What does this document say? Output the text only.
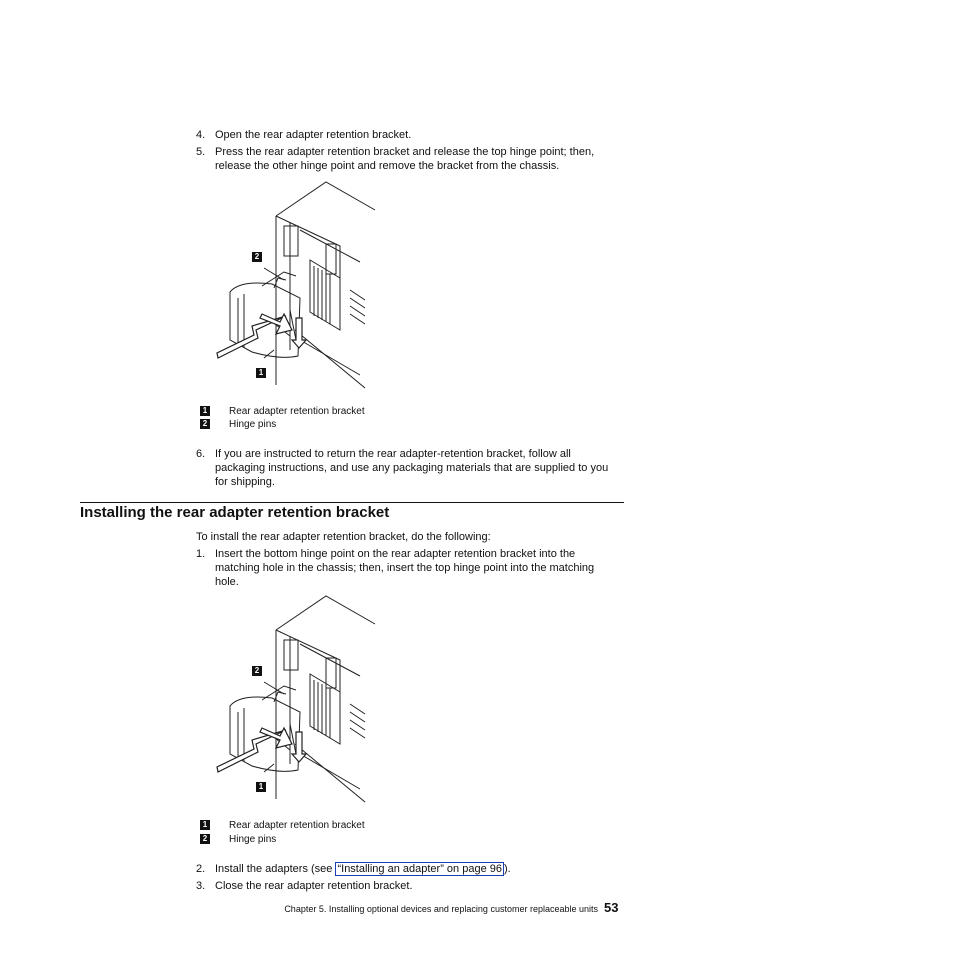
4. Open the rear adapter retention bracket.
5. Press the rear adapter retention bracket and release the top hinge point; then, release the other hinge point and remove the bracket from the chassis.
2
1
1 Rear adapter retention bracket
2 Hinge pins
6. If you are instructed to return the rear adapter-retention bracket, follow all packaging instructions, and use any packaging materials that are supplied to you for shipping.
Installing the rear adapter retention bracket
To install the rear adapter retention bracket, do the following:
1. Insert the bottom hinge point on the rear adapter retention bracket into the matching hole in the chassis; then, insert the top hinge point into the matching hole.
2
1
1 Rear adapter retention bracket
2 Hinge pins
2. Install the adapters (see “Installing an adapter” on page 96 ).
3. Close the rear adapter retention bracket.
Chapter 5. Installing optional devices and replacing customer replaceable units 53
